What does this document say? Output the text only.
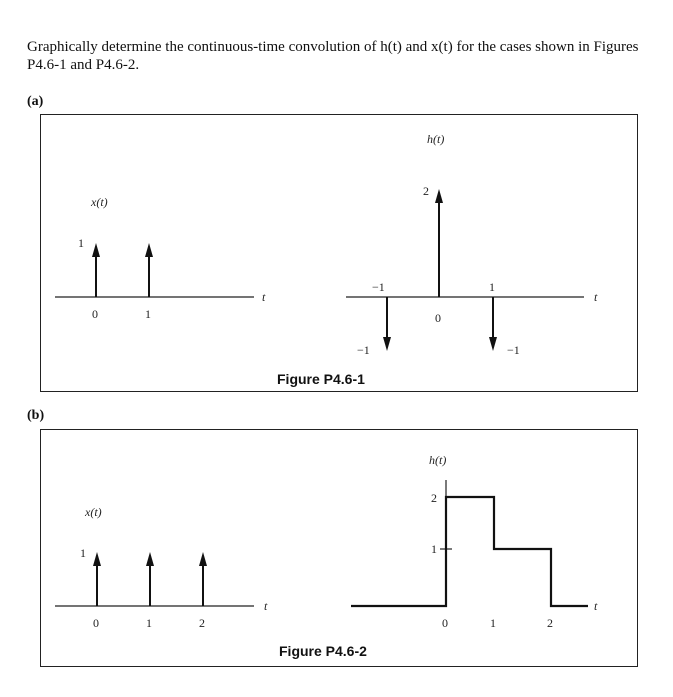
Graphically determine the continuous-time convolution of h(t) and x(t) for the cases shown in Figures P4.6-1 and P4.6-2.
(a)
x(t)
t
1
0	1
h(t)
t
−1
−1
2
0
1
−1
Figure P4.6-1
(b)
x(t)
t
1
0	1	2
h(t)
2
1
t
0	1	2
Figure P4.6-2
